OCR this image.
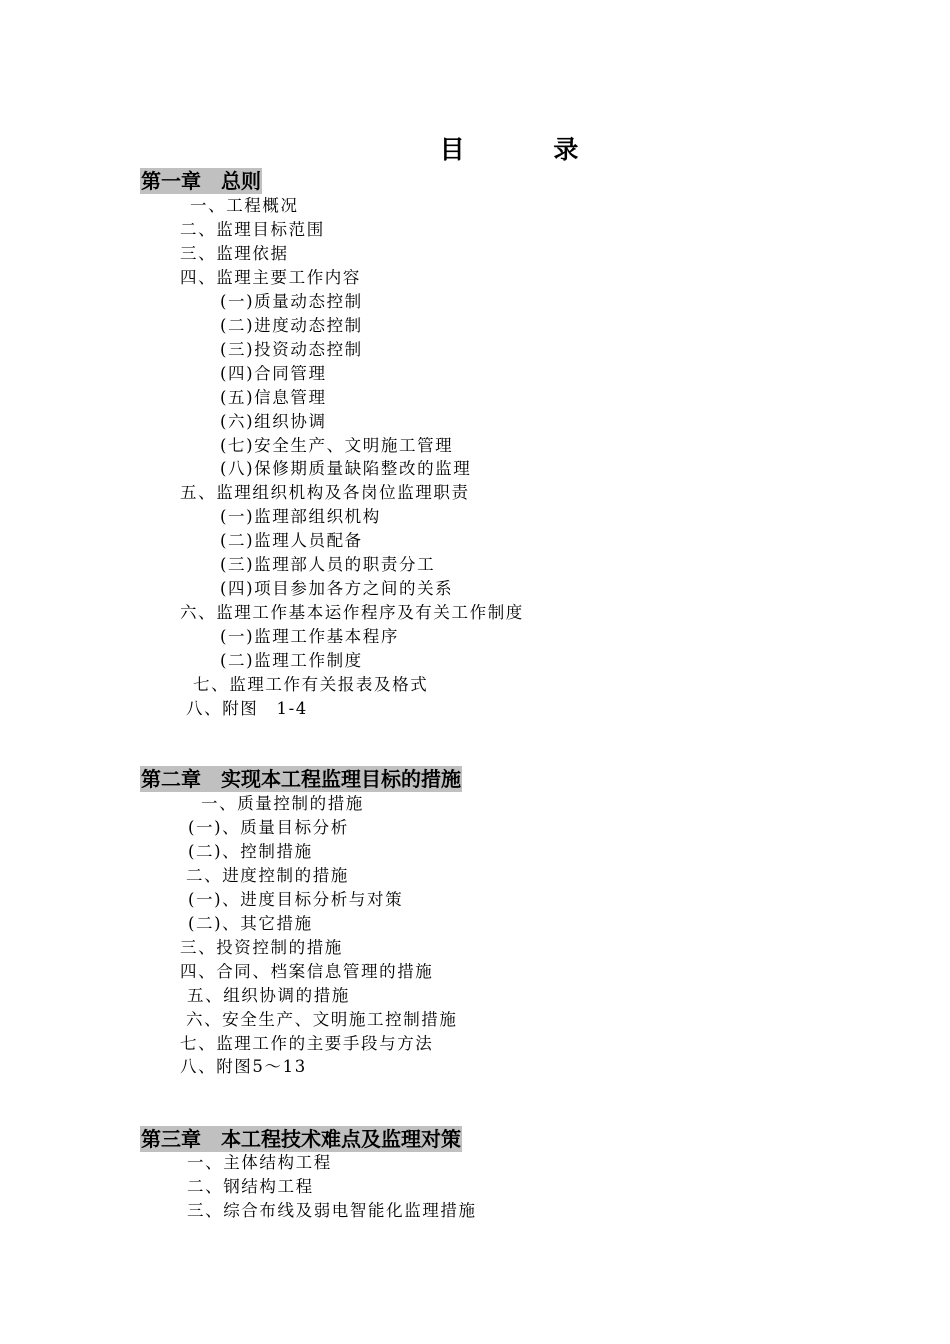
目 录
第一章　总则
一、工程概况
二、监理目标范围
三、监理依据
四、监理主要工作内容
(一)质量动态控制
(二)进度动态控制
(三)投资动态控制
(四)合同管理
(五)信息管理
(六)组织协调
(七)安全生产、文明施工管理
(八)保修期质量缺陷整改的监理
五、监理组织机构及各岗位监理职责
(一)监理部组织机构
(二)监理人员配备
(三)监理部人员的职责分工
(四)项目参加各方之间的关系
六、监理工作基本运作程序及有关工作制度
(一)监理工作基本程序
(二)监理工作制度
七、监理工作有关报表及格式
八、附图　1-4
第二章　实现本工程监理目标的措施
一、质量控制的措施
(一)、质量目标分析
(二)、控制措施
二、进度控制的措施
(一)、进度目标分析与对策
(二)、其它措施
三、投资控制的措施
四、合同、档案信息管理的措施
五、组织协调的措施
六、安全生产、文明施工控制措施
七、监理工作的主要手段与方法
八、附图5～13
第三章　本工程技术难点及监理对策
一、主体结构工程
二、钢结构工程
三、综合布线及弱电智能化监理措施
